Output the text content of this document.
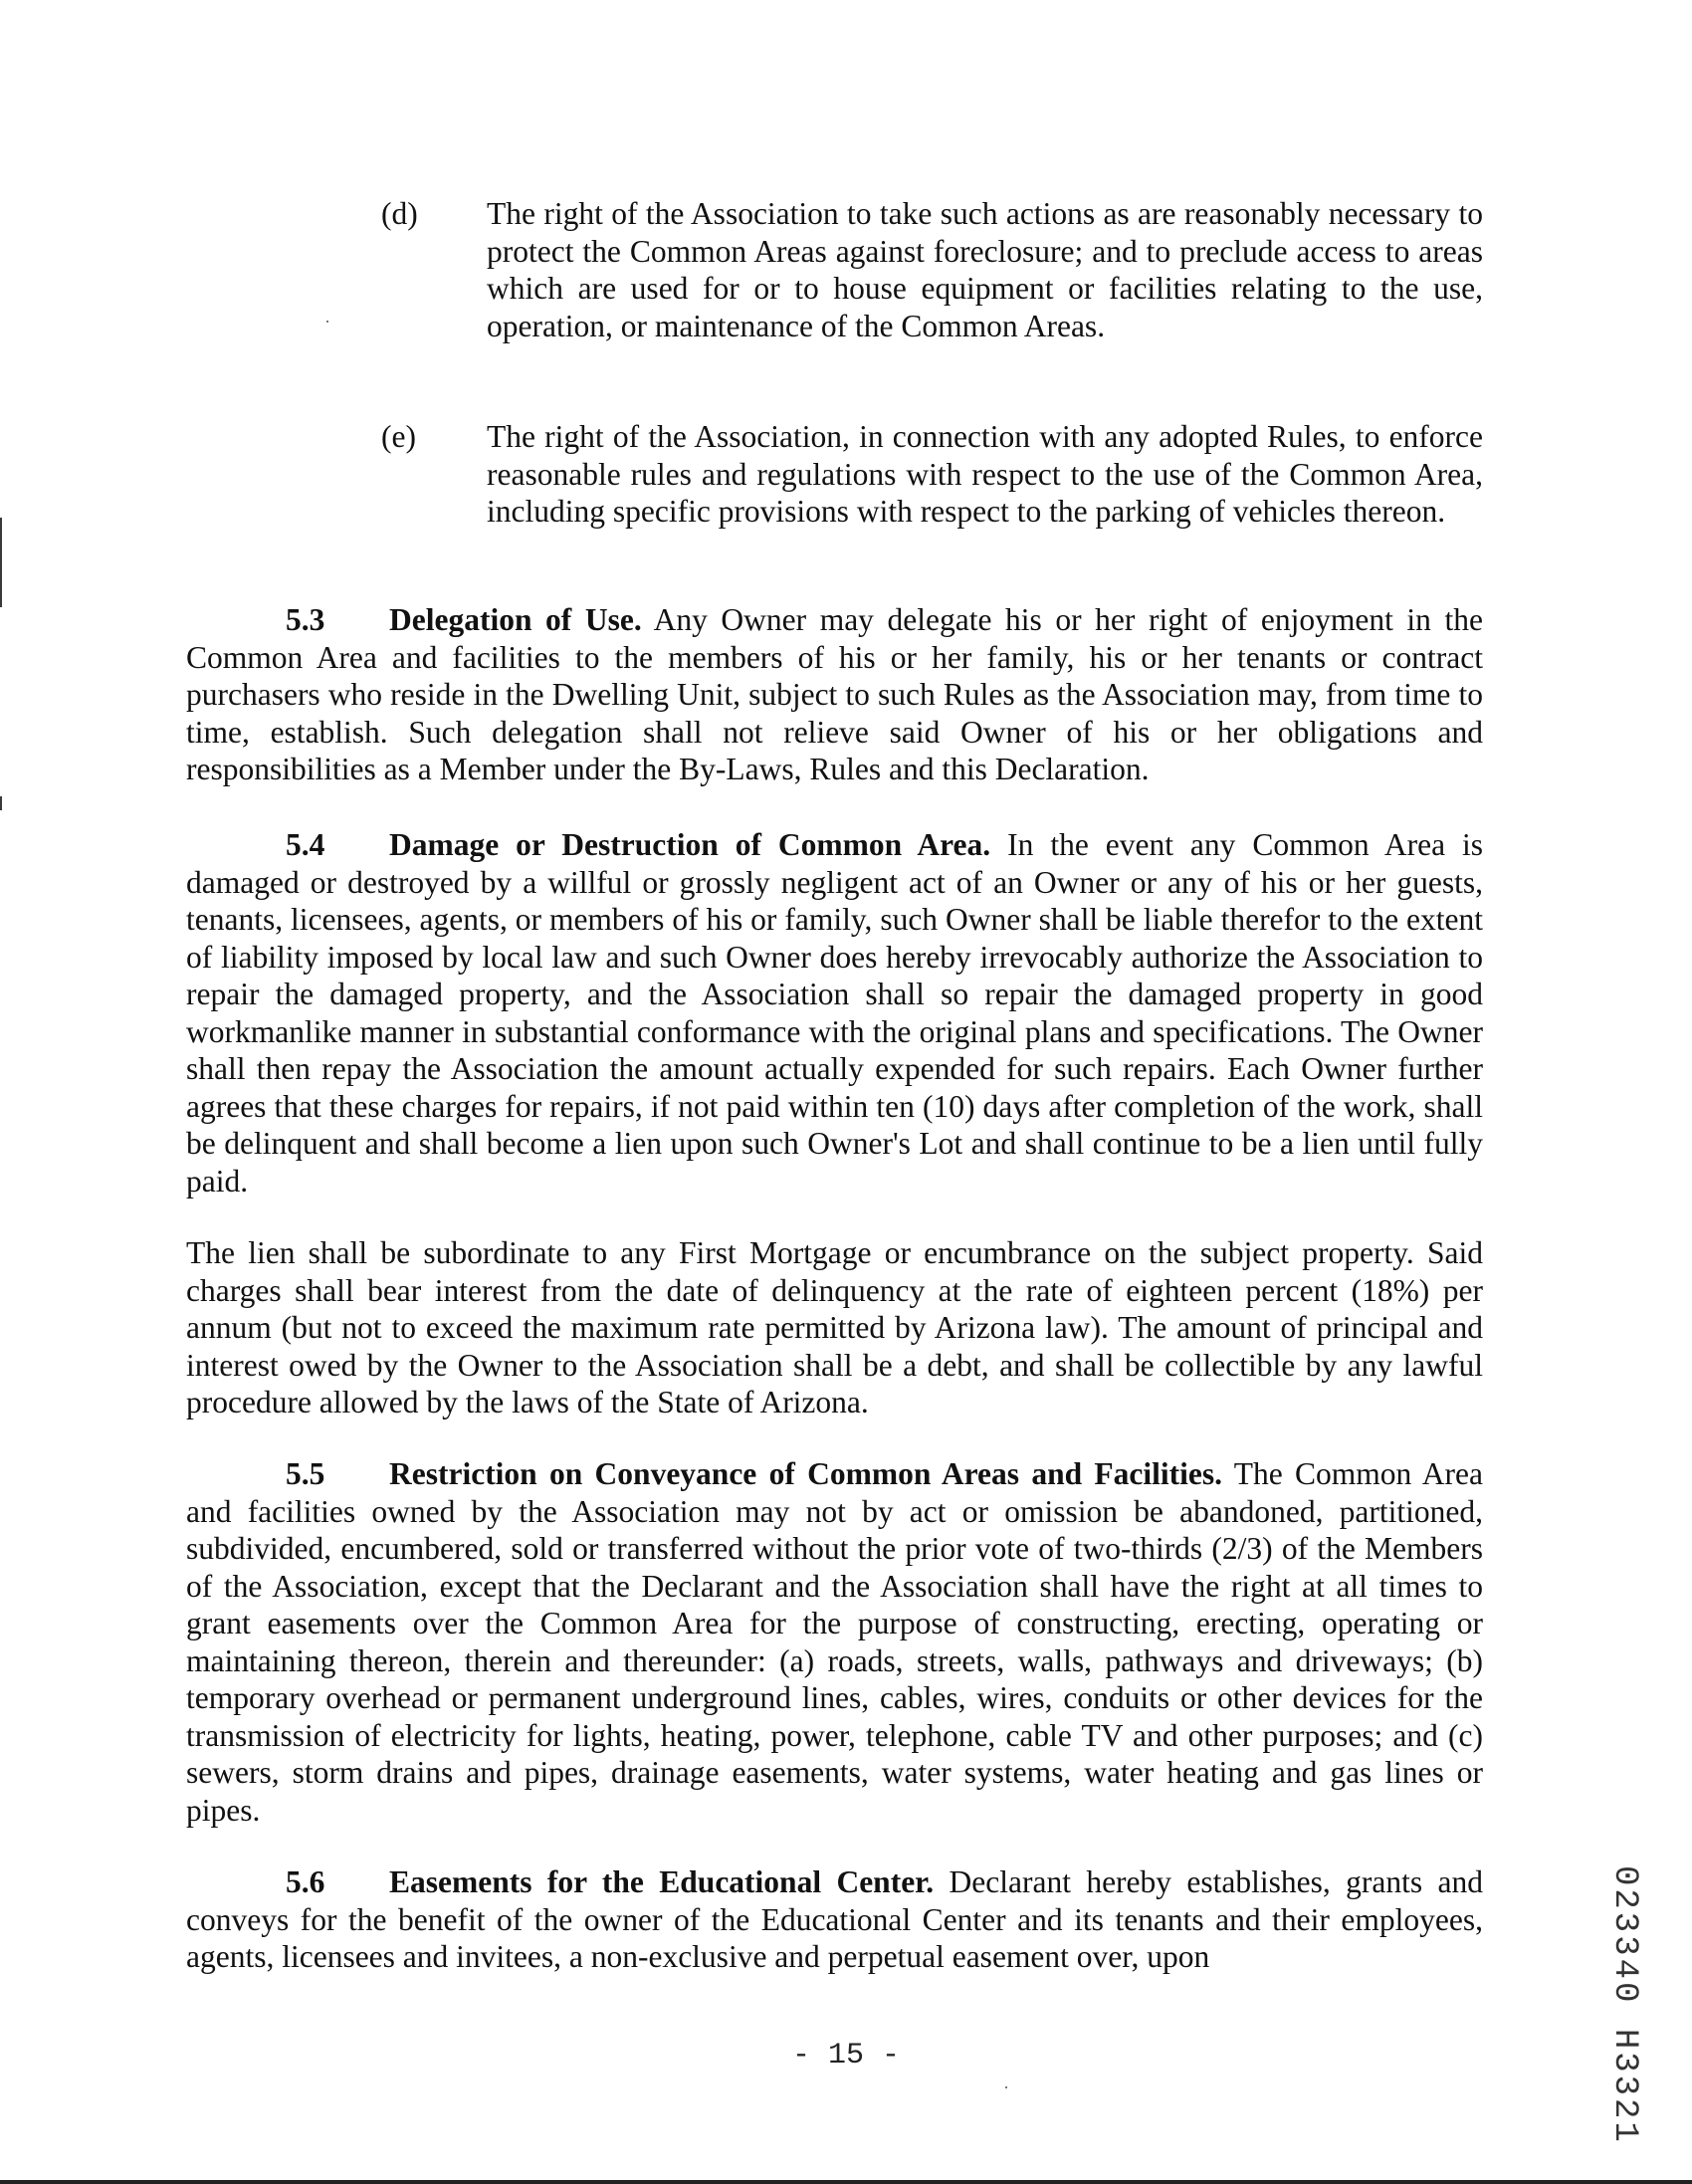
(d) The right of the Association to take such actions as are reasonably necessary to protect the Common Areas against foreclosure; and to preclude access to areas which are used for or to house equipment or facilities relating to the use, operation, or maintenance of the Common Areas.
(e) The right of the Association, in connection with any adopted Rules, to enforce reasonable rules and regulations with respect to the use of the Common Area, including specific provisions with respect to the parking of vehicles thereon.
5.3 Delegation of Use. Any Owner may delegate his or her right of enjoyment in the Common Area and facilities to the members of his or her family, his or her tenants or contract purchasers who reside in the Dwelling Unit, subject to such Rules as the Association may, from time to time, establish. Such delegation shall not relieve said Owner of his or her obligations and responsibilities as a Member under the By-Laws, Rules and this Declaration.
5.4 Damage or Destruction of Common Area. In the event any Common Area is damaged or destroyed by a willful or grossly negligent act of an Owner or any of his or her guests, tenants, licensees, agents, or members of his or family, such Owner shall be liable therefor to the extent of liability imposed by local law and such Owner does hereby irrevocably authorize the Association to repair the damaged property, and the Association shall so repair the damaged property in good workmanlike manner in substantial conformance with the original plans and specifications. The Owner shall then repay the Association the amount actually expended for such repairs. Each Owner further agrees that these charges for repairs, if not paid within ten (10) days after completion of the work, shall be delinquent and shall become a lien upon such Owner's Lot and shall continue to be a lien until fully paid.
The lien shall be subordinate to any First Mortgage or encumbrance on the subject property. Said charges shall bear interest from the date of delinquency at the rate of eighteen percent (18%) per annum (but not to exceed the maximum rate permitted by Arizona law). The amount of principal and interest owed by the Owner to the Association shall be a debt, and shall be collectible by any lawful procedure allowed by the laws of the State of Arizona.
5.5 Restriction on Conveyance of Common Areas and Facilities. The Common Area and facilities owned by the Association may not by act or omission be abandoned, partitioned, subdivided, encumbered, sold or transferred without the prior vote of two-thirds (2/3) of the Members of the Association, except that the Declarant and the Association shall have the right at all times to grant easements over the Common Area for the purpose of constructing, erecting, operating or maintaining thereon, therein and thereunder: (a) roads, streets, walls, pathways and driveways; (b) temporary overhead or permanent underground lines, cables, wires, conduits or other devices for the transmission of electricity for lights, heating, power, telephone, cable TV and other purposes; and (c) sewers, storm drains and pipes, drainage easements, water systems, water heating and gas lines or pipes.
5.6 Easements for the Educational Center. Declarant hereby establishes, grants and conveys for the benefit of the owner of the Educational Center and its tenants and their employees, agents, licensees and invitees, a non-exclusive and perpetual easement over, upon
- 15 -	023340 H3321
